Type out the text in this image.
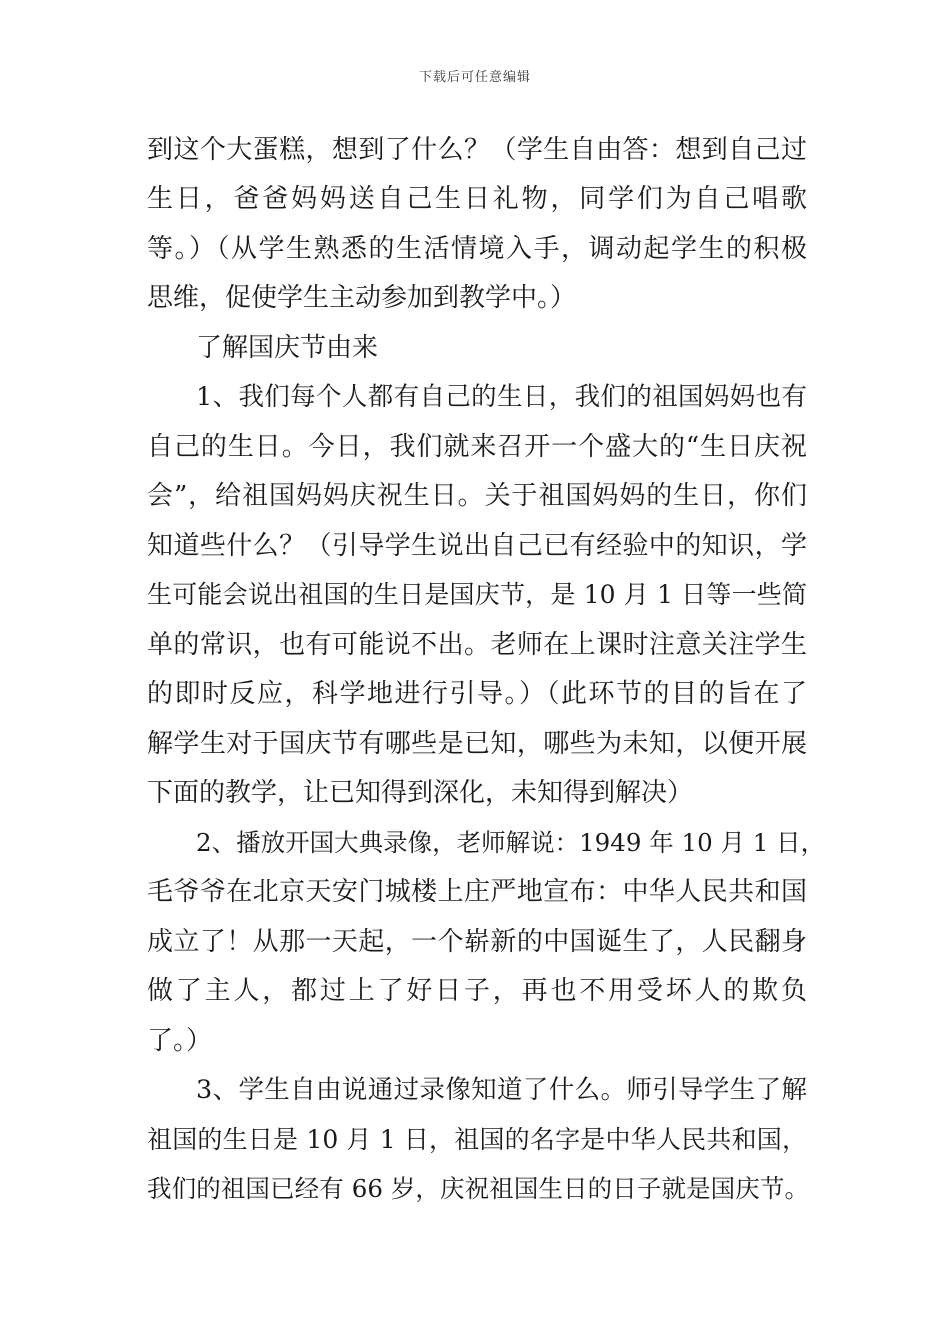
下载后可任意编辑
到这个大蛋糕，想到了什么？（学生自由答：想到自己过
生日，爸爸妈妈送自己生日礼物，同学们为自己唱歌
等。）（从学生熟悉的生活情境入手，调动起学生的积极
思维，促使学生主动参加到教学中。）
了解国庆节由来
1、我们每个人都有自己的生日，我们的祖国妈妈也有
自己的生日。今日，我们就来召开一个盛大的“生日庆祝
会”，给祖国妈妈庆祝生日。关于祖国妈妈的生日，你们
知道些什么？（引导学生说出自己已有经验中的知识，学
生可能会说出祖国的生日是国庆节，是 10 月 1 日等一些简
单的常识，也有可能说不出。老师在上课时注意关注学生
的即时反应，科学地进行引导。）（此环节的目的旨在了
解学生对于国庆节有哪些是已知，哪些为未知，以便开展
下面的教学，让已知得到深化，未知得到解决）
2、播放开国大典录像，老师解说：1949 年 10 月 1 日，
毛爷爷在北京天安门城楼上庄严地宣布：中华人民共和国
成立了！从那一天起，一个崭新的中国诞生了，人民翻身
做了主人，都过上了好日子，再也不用受坏人的欺负
了。）
3、学生自由说通过录像知道了什么。师引导学生了解
祖国的生日是 10 月 1 日，祖国的名字是中华人民共和国，
我们的祖国已经有 66 岁，庆祝祖国生日的日子就是国庆节。
